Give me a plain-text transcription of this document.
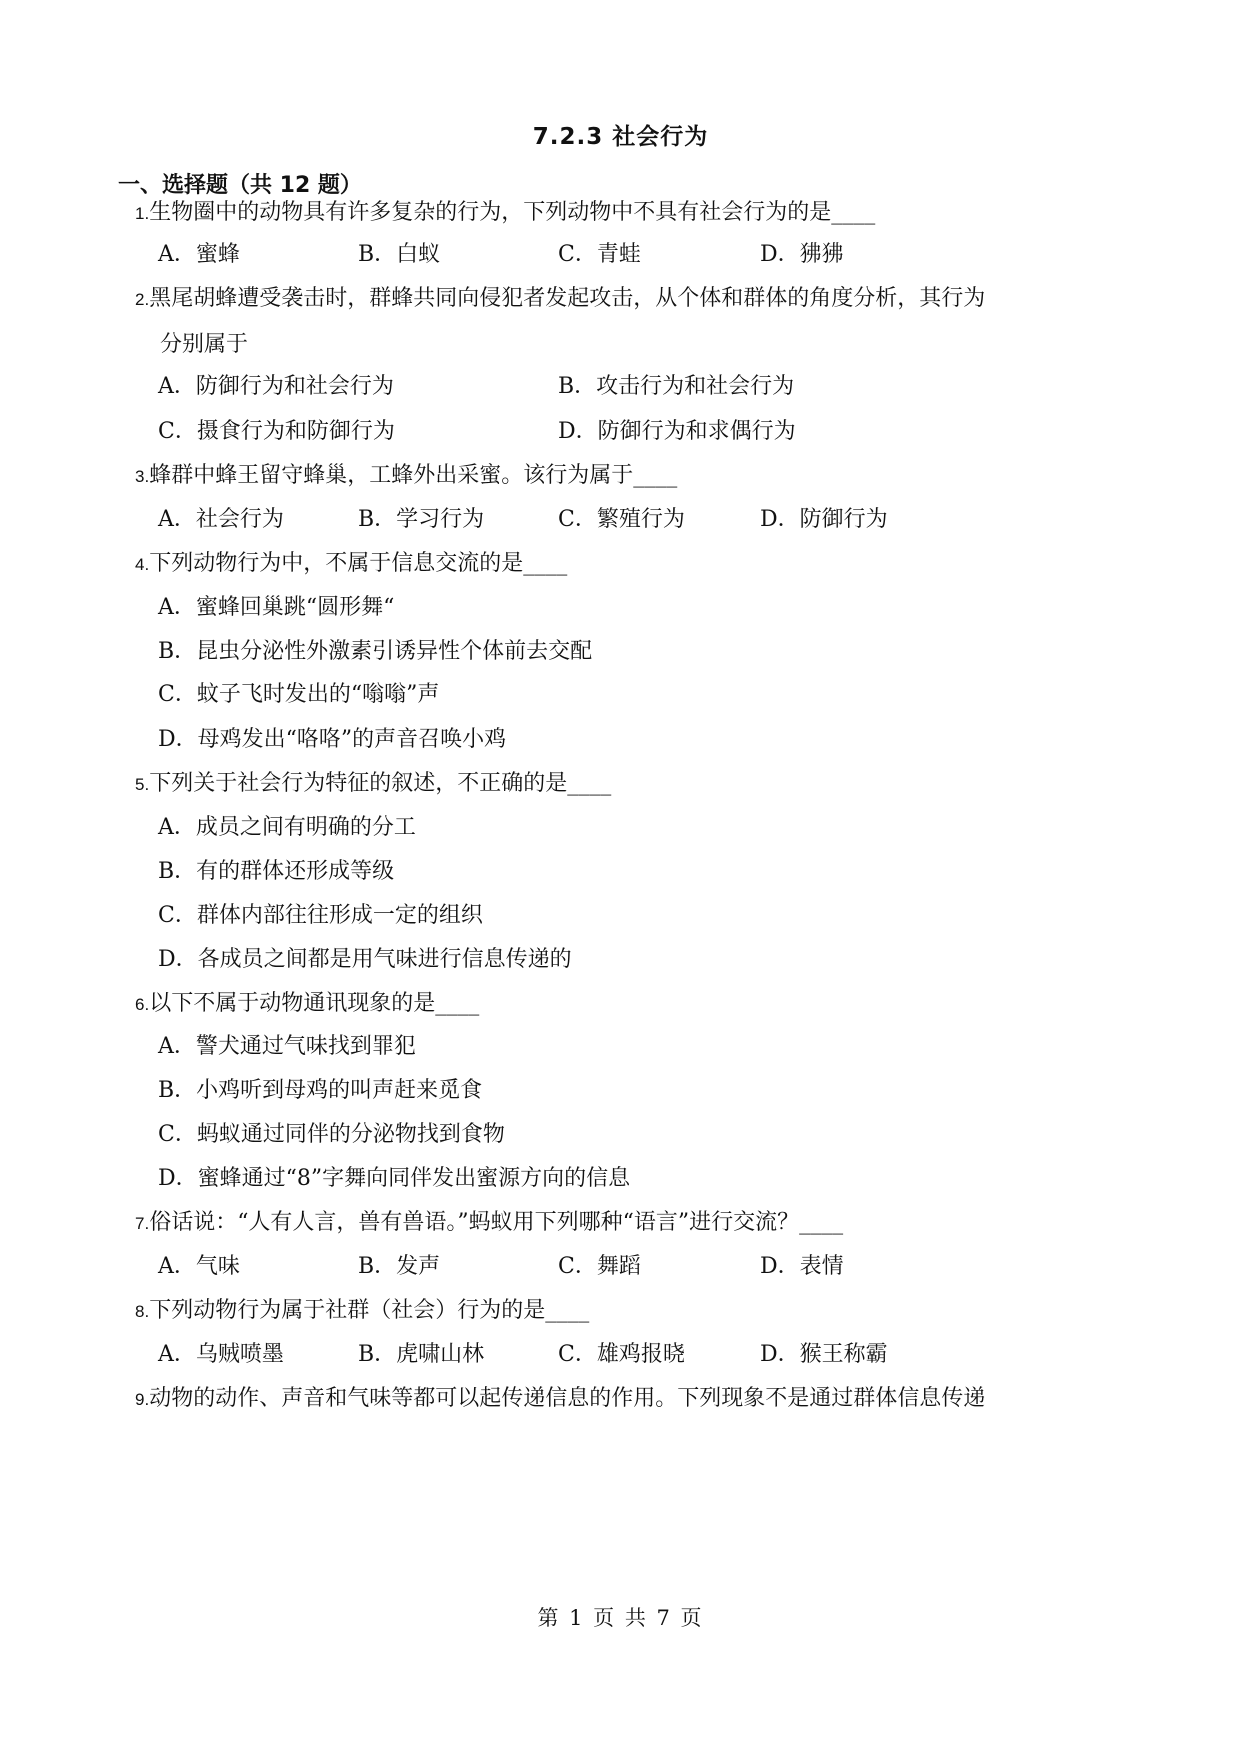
7.2.3 社会行为
一、选择题（共 12 题）
1.生物圈中的动物具有许多复杂的行为，下列动物中不具有社会行为的是____
A．蜜蜂	B．白蚁	C．青蛙	D．狒狒
2.黑尾胡蜂遭受袭击时，群蜂共同向侵犯者发起攻击，从个体和群体的角度分析，其行为
分别属于
A．防御行为和社会行为	B．攻击行为和社会行为
C．摄食行为和防御行为	D．防御行为和求偶行为
3.蜂群中蜂王留守蜂巢，工蜂外出采蜜。该行为属于____
A．社会行为	B．学习行为	C．繁殖行为	D．防御行为
4.下列动物行为中，不属于信息交流的是____
A．蜜蜂回巢跳“圆形舞“
B．昆虫分泌性外激素引诱异性个体前去交配
C．蚊子飞时发出的“嗡嗡”声
D．母鸡发出“咯咯”的声音召唤小鸡
5.下列关于社会行为特征的叙述，不正确的是____
A．成员之间有明确的分工
B．有的群体还形成等级
C．群体内部往往形成一定的组织
D．各成员之间都是用气味进行信息传递的
6.以下不属于动物通讯现象的是____
A．警犬通过气味找到罪犯
B．小鸡听到母鸡的叫声赶来觅食
C．蚂蚁通过同伴的分泌物找到食物
D．蜜蜂通过“8”字舞向同伴发出蜜源方向的信息
7.俗话说：“人有人言，兽有兽语。”蚂蚁用下列哪种“语言”进行交流？____
A．气味	B．发声	C．舞蹈	D．表情
8.下列动物行为属于社群（社会）行为的是____
A．乌贼喷墨	B．虎啸山林	C．雄鸡报晓	D．猴王称霸
9.动物的动作、声音和气味等都可以起传递信息的作用。下列现象不是通过群体信息传递
第 1 页 共 7 页
